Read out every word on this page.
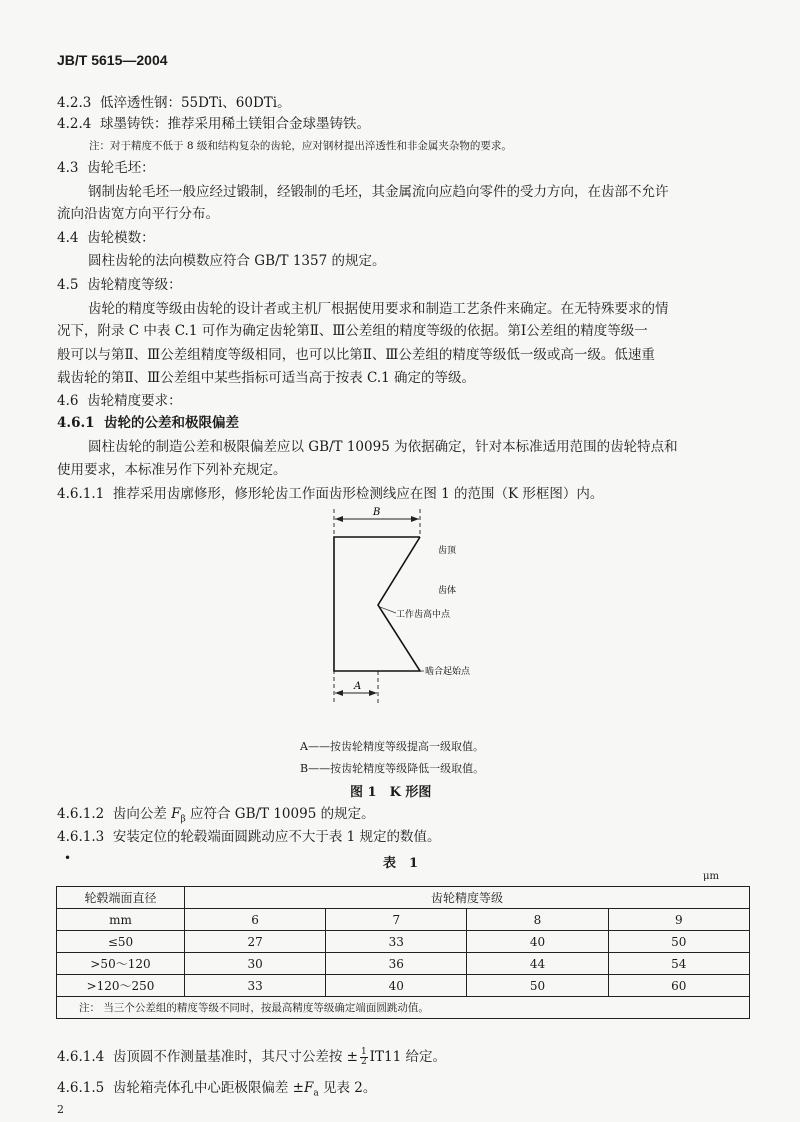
JB/T 5615—2004
4.2.3 低淬透性钢：55DTi、60DTi。
4.2.4 球墨铸铁：推荐采用稀土镁钼合金球墨铸铁。
注：对于精度不低于 8 级和结构复杂的齿轮，应对钢材提出淬透性和非金属夹杂物的要求。
4.3 齿轮毛坯：
钢制齿轮毛坯一般应经过锻制，经锻制的毛坯，其金属流向应趋向零件的受力方向，在齿部不允许
流向沿齿宽方向平行分布。
4.4 齿轮模数：
圆柱齿轮的法向模数应符合 GB/T 1357 的规定。
4.5 齿轮精度等级：
齿轮的精度等级由齿轮的设计者或主机厂根据使用要求和制造工艺条件来确定。在无特殊要求的情
况下，附录 C 中表 C.1 可作为确定齿轮第Ⅱ、Ⅲ公差组的精度等级的依据。第Ⅰ公差组的精度等级一
般可以与第Ⅱ、Ⅲ公差组精度等级相同，也可以比第Ⅱ、Ⅲ公差组的精度等级低一级或高一级。低速重
载齿轮的第Ⅱ、Ⅲ公差组中某些指标可适当高于按表 C.1 确定的等级。
4.6 齿轮精度要求：
4.6.1 齿轮的公差和极限偏差
圆柱齿轮的制造公差和极限偏差应以 GB/T 10095 为依据确定，针对本标准适用范围的齿轮特点和
使用要求，本标准另作下列补充规定。
4.6.1.1 推荐采用齿廓修形，修形轮齿工作面齿形检测线应在图 1 的范围（K 形框图）内。
B
A
齿顶
齿体
工作齿高中点
啮合起始点
A——按齿轮精度等级提高一级取值。
B——按齿轮精度等级降低一级取值。
图 1　K 形图
4.6.1.2 齿向公差 $F_\beta$ 应符合 GB/T 10095 的规定。
4.6.1.3 安装定位的轮毂端面圆跳动应不大于表 1 规定的数值。
•	表　1
μm
轮毂端面直径	齿轮精度等级			
mm	6	7	8	9
≤50	27	33	40	50
>50～120	30	36	44	54
>120～250	33	40	50	60
注： 当三个公差组的精度等级不同时，按最高精度等级确定端面圆跳动值。				
4.6.1.4 齿顶圆不作测量基准时，其尺寸公差按 ± $\frac{1}{2} IT11$ 给定。
4.6.1.5 齿轮箱壳体孔中心距极限偏差 $\pm F_a$ 见表 2。
2
